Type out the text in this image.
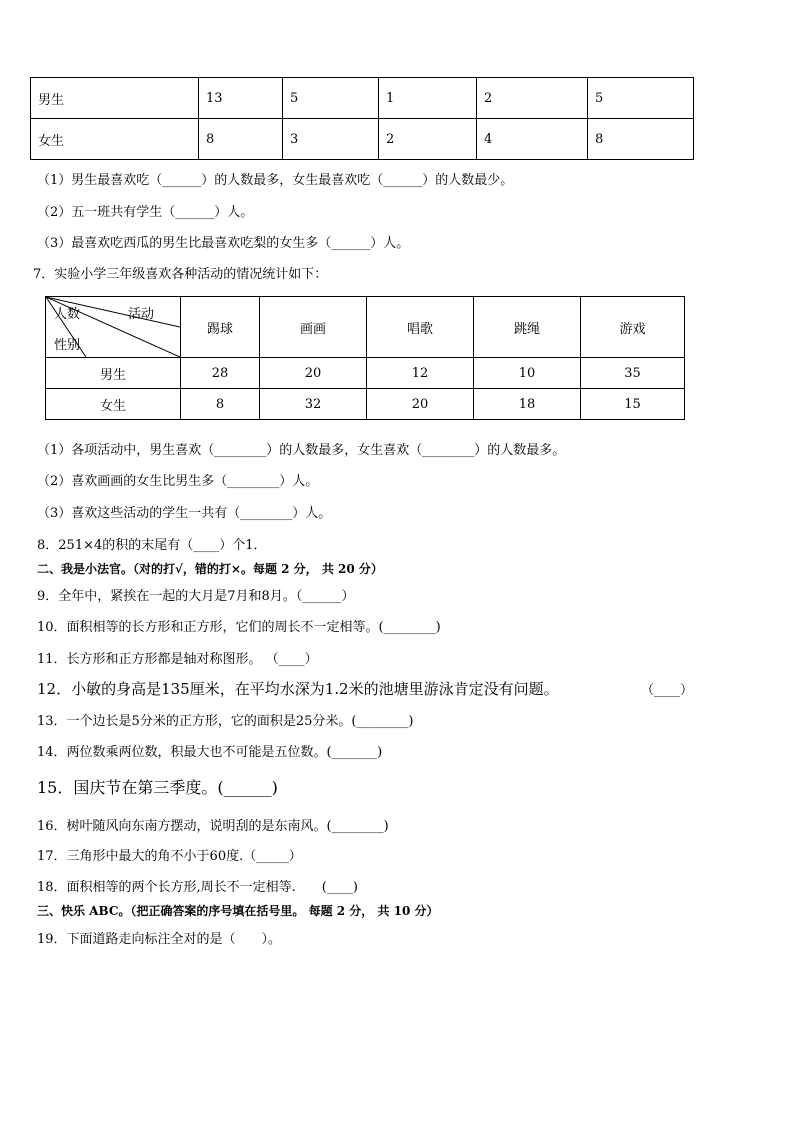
男生	13	5	1	2	5
女生	8	3	2	4	8
（1）男生最喜欢吃（______）的人数最多，女生最喜欢吃（______）的人数最少。
（2）五一班共有学生（______）人。
（3）最喜欢吃西瓜的男生比最喜欢吃梨的女生多（______）人。
7．实验小学三年级喜欢各种活动的情况统计如下：
人数 活动
性别	踢球	画画	唱歌	跳绳	游戏
男生	28	20	12	10	35
女生	8	32	20	18	15
（1）各项活动中，男生喜欢（________）的人数最多，女生喜欢（________）的人数最多。
（2）喜欢画画的女生比男生多（________）人。
（3）喜欢这些活动的学生一共有（________）人。
8．251×4的积的末尾有（____）个1．
二、我是小法官。（对的打√，错的打×。每题 2 分， 共 20 分）
9．全年中，紧挨在一起的大月是7月和8月。（______）
10．面积相等的长方形和正方形，它们的周长不一定相等。(________)
11．长方形和正方形都是轴对称图形。 （____）
12．小敏的身高是135厘米，在平均水深为1.2米的池塘里游泳肯定没有问题。	（____）
13．一个边长是5分米的正方形，它的面积是25分米。(________)
14．两位数乘两位数，积最大也不可能是五位数。(_______)
15．国庆节在第三季度。(______)
16．树叶随风向东南方摆动，说明刮的是东南风。(________)
17．三角形中最大的角不小于60度.（_____）
18．面积相等的两个长方形,周长不一定相等.　　(____)
三、快乐 ABC。（把正确答案的序号填在括号里。 每题 2 分， 共 10 分）
19．下面道路走向标注全对的是（　　）。
